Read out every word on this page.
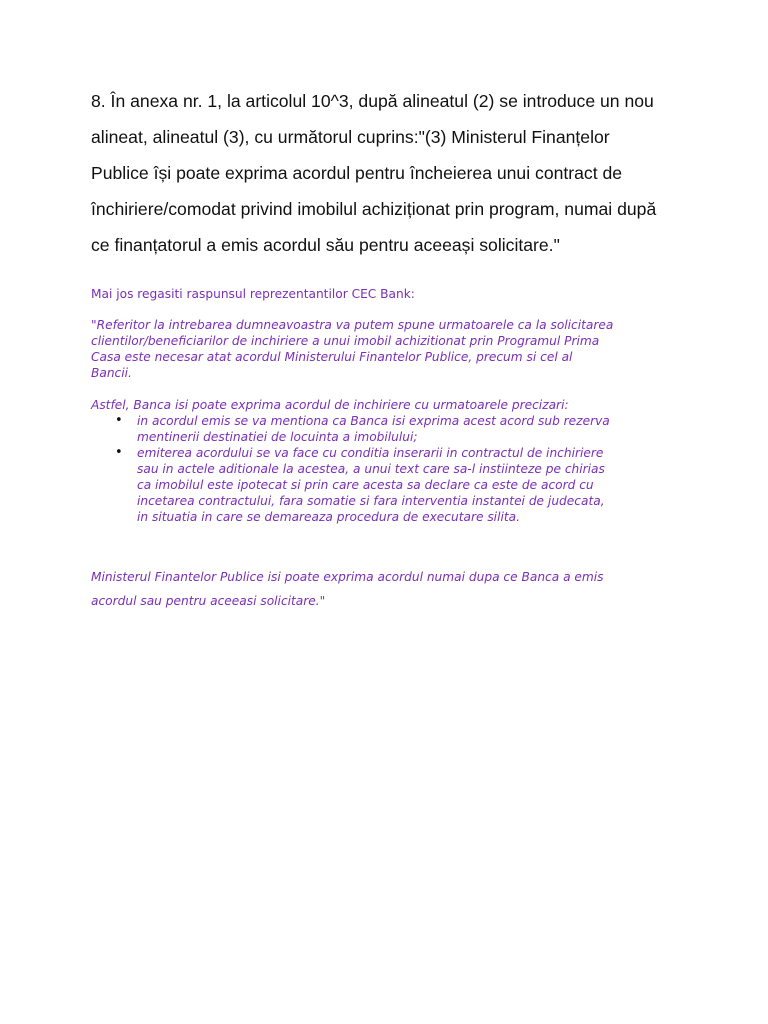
8. În anexa nr. 1, la articolul 10^3, după alineatul (2) se introduce un nou
alineat, alineatul (3), cu următorul cuprins:"(3) Ministerul Finanțelor
Publice își poate exprima acordul pentru încheierea unui contract de
închiriere/comodat privind imobilul achiziționat prin program, numai după
ce finanțatorul a emis acordul său pentru aceeași solicitare."

Mai jos regasiti raspunsul reprezentantilor CEC Bank:

"Referitor la intrebarea dumneavoastra va putem spune urmatoarele ca la solicitarea
clientilor/beneficiarilor de inchiriere a unui imobil achizitionat prin Programul Prima
Casa este necesar atat acordul Ministerului Finantelor Publice, precum si cel al
Bancii.

Astfel, Banca isi poate exprima acordul de inchiriere cu urmatoarele precizari:

• in acordul emis se va mentiona ca Banca isi exprima acest acord sub rezerva
mentinerii destinatiei de locuinta a imobilului;
• emiterea acordului se va face cu conditia inserarii in contractul de inchiriere
sau in actele aditionale la acestea, a unui text care sa-l instiinteze pe chirias
ca imobilul este ipotecat si prin care acesta sa declare ca este de acord cu
incetarea contractului, fara somatie si fara interventia instantei de judecata,
in situatia in care se demareaza procedura de executare silita.

Ministerul Finantelor Publice isi poate exprima acordul numai dupa ce Banca a emis
acordul sau pentru aceeasi solicitare."
